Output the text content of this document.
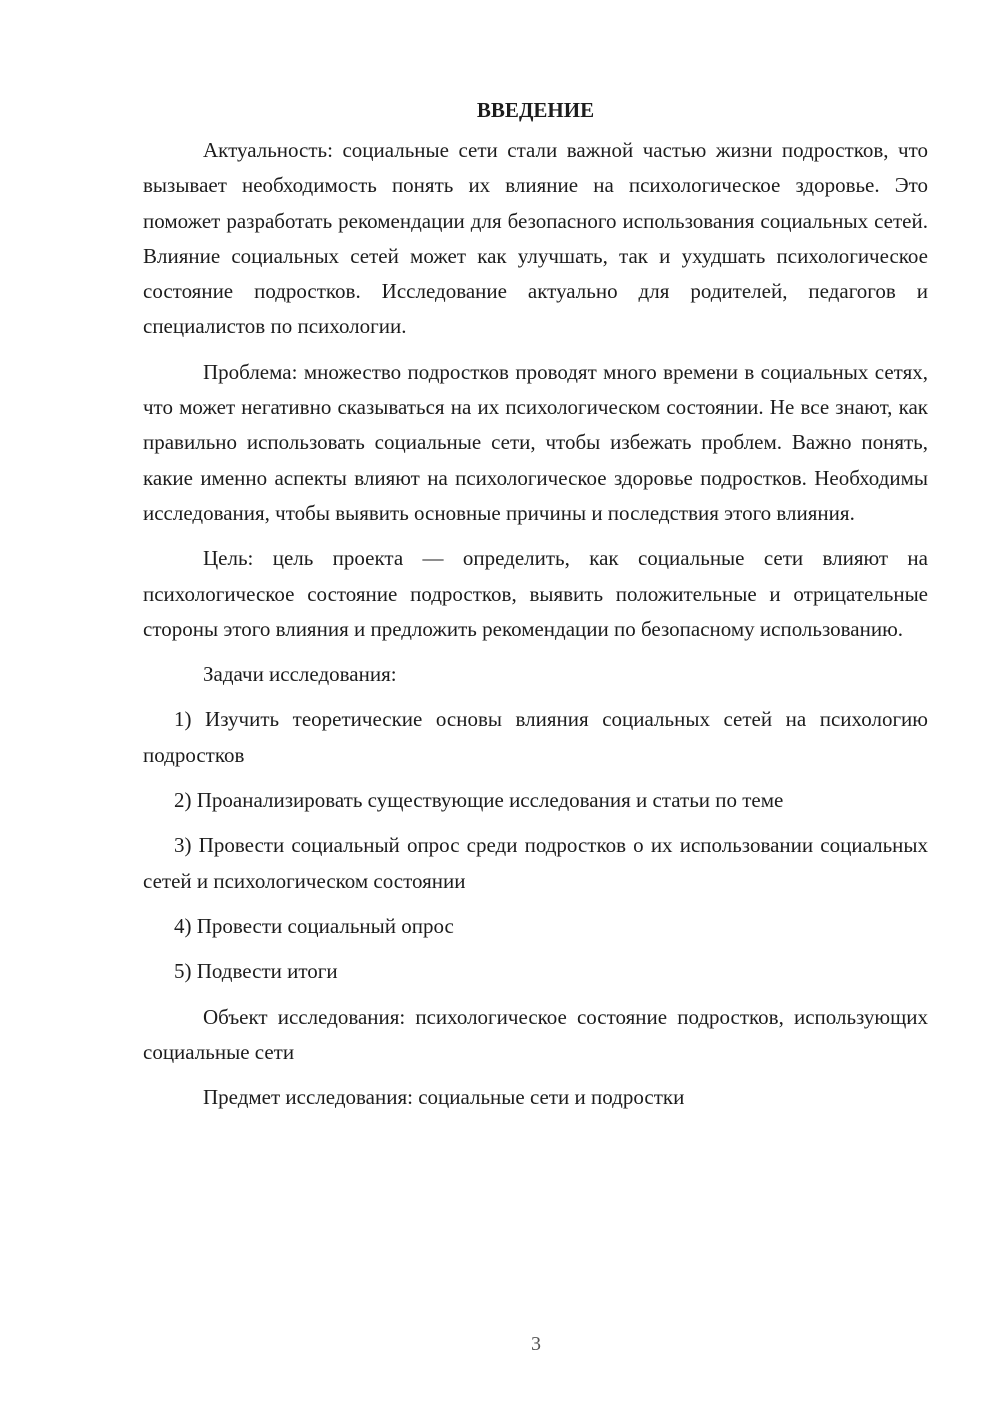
ВВЕДЕНИЕ

Актуальность: социальные сети стали важной частью жизни подростков, что вызывает необходимость понять их влияние на психологическое здоровье. Это поможет разработать рекомендации для безопасного использования социальных сетей. Влияние социальных сетей может как улучшать, так и ухудшать психологическое состояние подростков. Исследование актуально для родителей, педагогов и специалистов по психологии.

Проблема: множество подростков проводят много времени в социальных сетях, что может негативно сказываться на их психологическом состоянии. Не все знают, как правильно использовать социальные сети, чтобы избежать проблем. Важно понять, какие именно аспекты влияют на психологическое здоровье подростков. Необходимы исследования, чтобы выявить основные причины и последствия этого влияния.

Цель: цель проекта — определить, как социальные сети влияют на психологическое состояние подростков, выявить положительные и отрицательные стороны этого влияния и предложить рекомендации по безопасному использованию.

Задачи исследования:

1) Изучить теоретические основы влияния социальных сетей на психологию подростков

2) Проанализировать существующие исследования и статьи по теме

3) Провести социальный опрос среди подростков о их использовании социальных сетей и психологическом состоянии

4) Провести социальный опрос

5) Подвести итоги

Объект исследования: психологическое состояние подростков, использующих социальные сети

Предмет исследования: социальные сети и подростки

3
